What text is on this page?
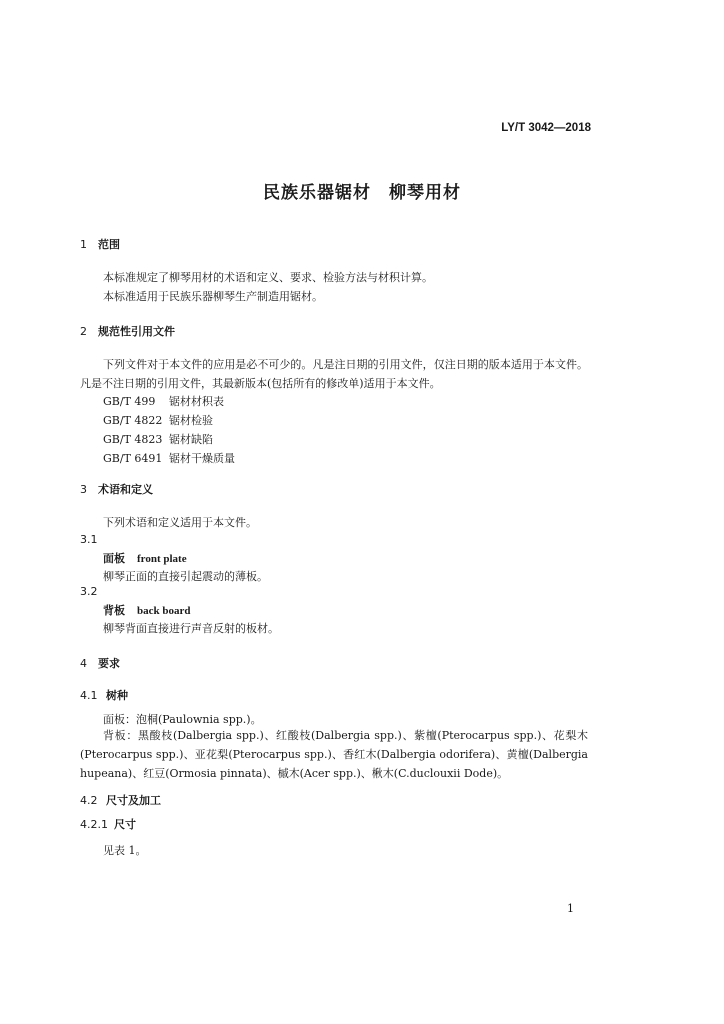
LY/T 3042—2018
民族乐器锯材　柳琴用材
1 范围
本标准规定了柳琴用材的术语和定义、要求、检验方法与材积计算。
本标准适用于民族乐器柳琴生产制造用锯材。
2 规范性引用文件
下列文件对于本文件的应用是必不可少的。凡是注日期的引用文件，仅注日期的版本适用于本文件。凡是不注日期的引用文件，其最新版本(包括所有的修改单)适用于本文件。
GB/T 499 锯材材积表
GB/T 4822 锯材检验
GB/T 4823 锯材缺陷
GB/T 6491 锯材干燥质量
3 术语和定义
下列术语和定义适用于本文件。
3.1
面板 front plate
柳琴正面的直接引起震动的薄板。
3.2
背板 back board
柳琴背面直接进行声音反射的板材。
4 要求
4.1 树种
面板：泡桐(Paulownia spp.)。
背板：黑酸枝(Dalbergia spp.)、红酸枝(Dalbergia spp.)、紫檀(Pterocarpus spp.)、花梨木(Pterocarpus spp.)、亚花梨(Pterocarpus spp.)、香红木(Dalbergia odorifera)、黄檀(Dalbergia hupeana)、红豆(Ormosia pinnata)、槭木(Acer spp.)、楸木(C.duclouxii Dode)。
4.2 尺寸及加工
4.2.1 尺寸
见表 1。
1
